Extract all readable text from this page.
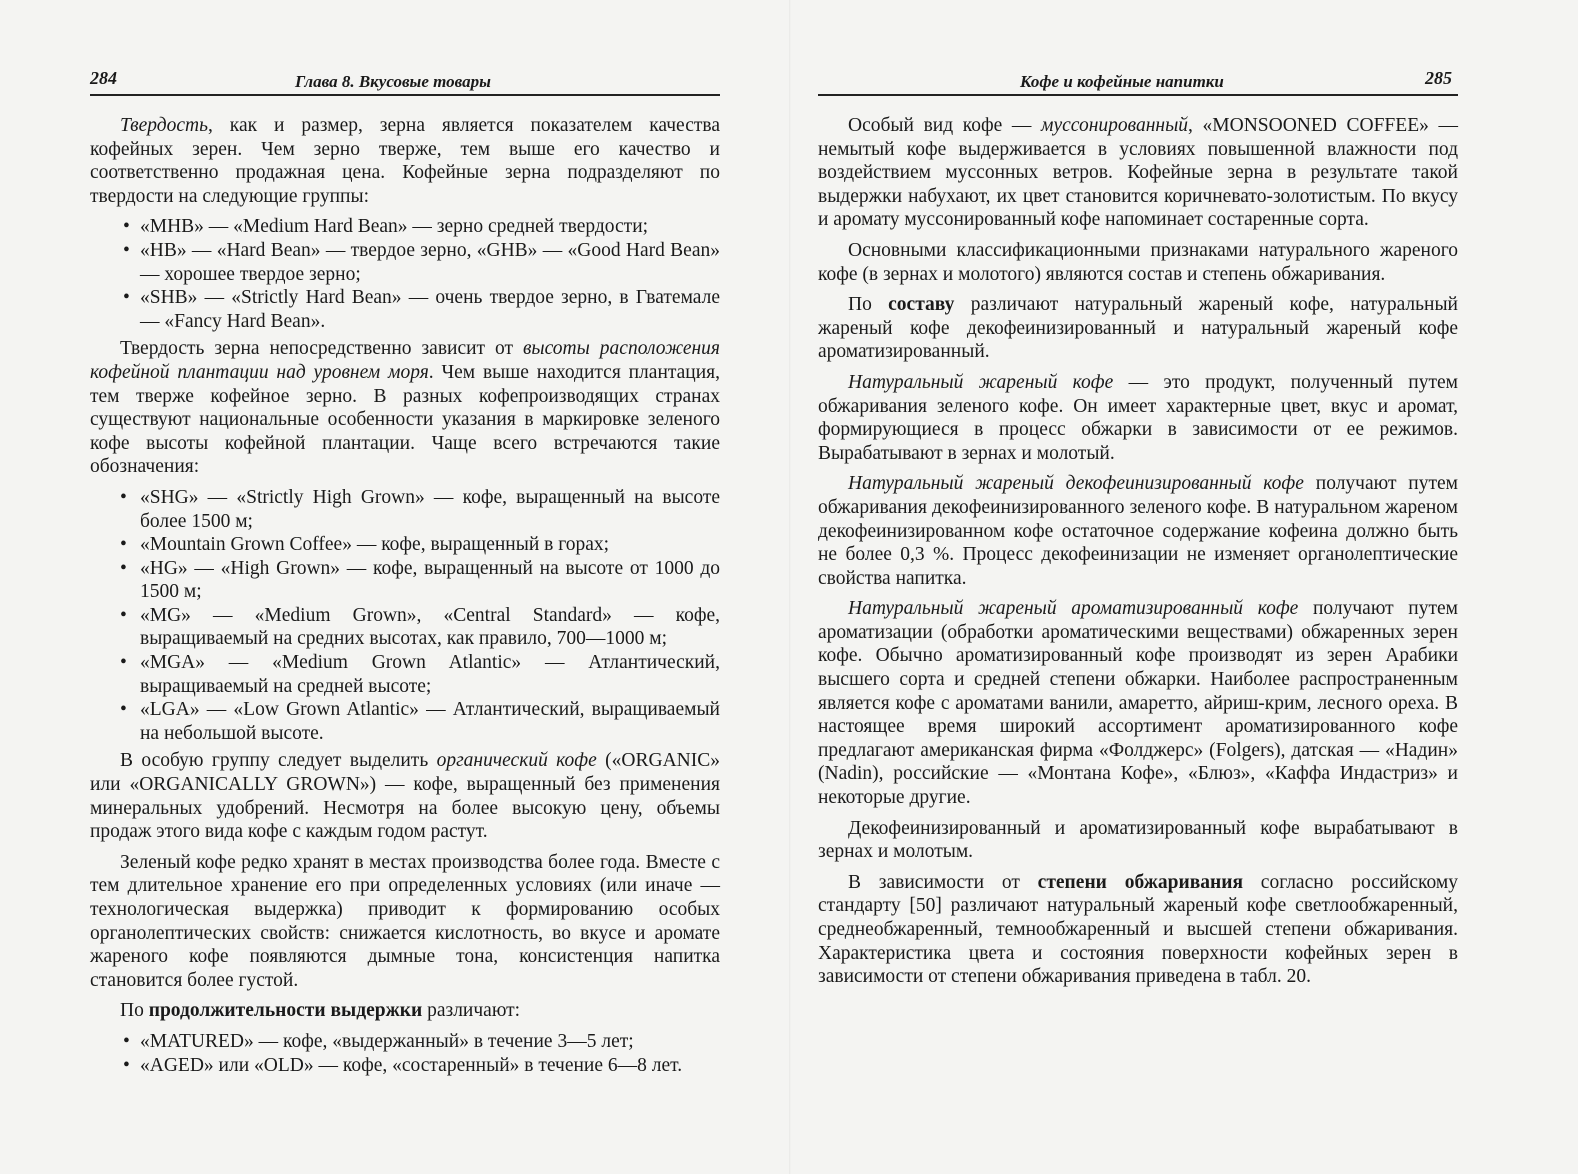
284	Глава 8. Вкусовые товары

Твердость, как и размер, зерна является показателем качества кофейных зерен. Чем зерно тверже, тем выше его качество и соответственно продажная цена. Кофейные зерна подразделяют по твердости на следующие группы:

• «MHB» — «Medium Hard Bean» — зерно средней твердости;
• «HB» — «Hard Bean» — твердое зерно, «GHB» — «Good Hard Bean» — хорошее твердое зерно;
• «SHB» — «Strictly Hard Bean» — очень твердое зерно, в Гватемале — «Fancy Hard Bean».

Твердость зерна непосредственно зависит от высоты расположения кофейной плантации над уровнем моря. Чем выше находится плантация, тем тверже кофейное зерно. В разных кофепроизводящих странах существуют национальные особенности указания в маркировке зеленого кофе высоты кофейной плантации. Чаще всего встречаются такие обозначения:

• «SHG» — «Strictly High Grown» — кофе, выращенный на высоте более 1500 м;
• «Mountain Grown Coffee» — кофе, выращенный в горах;
• «HG» — «High Grown» — кофе, выращенный на высоте от 1000 до 1500 м;
• «MG» — «Medium Grown», «Central Standard» — кофе, выращиваемый на средних высотах, как правило, 700—1000 м;
• «MGA» — «Medium Grown Atlantic» — Атлантический, выращиваемый на средней высоте;
• «LGA» — «Low Grown Atlantic» — Атлантический, выращиваемый на небольшой высоте.

В особую группу следует выделить органический кофе («ORGANIC» или «ORGANICALLY GROWN») — кофе, выращенный без применения минеральных удобрений. Несмотря на более высокую цену, объемы продаж этого вида кофе с каждым годом растут.

Зеленый кофе редко хранят в местах производства более года. Вместе с тем длительное хранение его при определенных условиях (или иначе — технологическая выдержка) приводит к формированию особых органолептических свойств: снижается кислотность, во вкусе и аромате жареного кофе появляются дымные тона, консистенция напитка становится более густой.

По продолжительности выдержки различают:

• «MATURED» — кофе, «выдержанный» в течение 3—5 лет;
• «AGED» или «OLD» — кофе, «состаренный» в течение 6—8 лет.
Кофе и кофейные напитки	285

Особый вид кофе — муссонированный, «MONSOONED COFFEE» — немытый кофе выдерживается в условиях повышенной влажности под воздействием муссонных ветров. Кофейные зерна в результате такой выдержки набухают, их цвет становится коричневато-золотистым. По вкусу и аромату муссонированный кофе напоминает состаренные сорта.

Основными классификационными признаками натурального жареного кофе (в зернах и молотого) являются состав и степень обжаривания.

По составу различают натуральный жареный кофе, натуральный жареный кофе декофеинизированный и натуральный жареный кофе ароматизированный.

Натуральный жареный кофе — это продукт, полученный путем обжаривания зеленого кофе. Он имеет характерные цвет, вкус и аромат, формирующиеся в процесс обжарки в зависимости от ее режимов. Вырабатывают в зернах и молотый.

Натуральный жареный декофеинизированный кофе получают путем обжаривания декофеинизированного зеленого кофе. В натуральном жареном декофеинизированном кофе остаточное содержание кофеина должно быть не более 0,3 %. Процесс декофеинизации не изменяет органолептические свойства напитка.

Натуральный жареный ароматизированный кофе получают путем ароматизации (обработки ароматическими веществами) обжаренных зерен кофе. Обычно ароматизированный кофе производят из зерен Арабики высшего сорта и средней степени обжарки. Наиболее распространенным является кофе с ароматами ванили, амаретто, айриш-крим, лесного ореха. В настоящее время широкий ассортимент ароматизированного кофе предлагают американская фирма «Фолджерс» (Folgers), датская — «Надин» (Nadin), российские — «Монтана Кофе», «Блюз», «Каффа Индастриз» и некоторые другие.

Декофеинизированный и ароматизированный кофе вырабатывают в зернах и молотым.

В зависимости от степени обжаривания согласно российскому стандарту [50] различают натуральный жареный кофе светлообжаренный, среднеобжаренный, темнообжаренный и высшей степени обжаривания. Характеристика цвета и состояния поверхности кофейных зерен в зависимости от степени обжаривания приведена в табл. 20.
